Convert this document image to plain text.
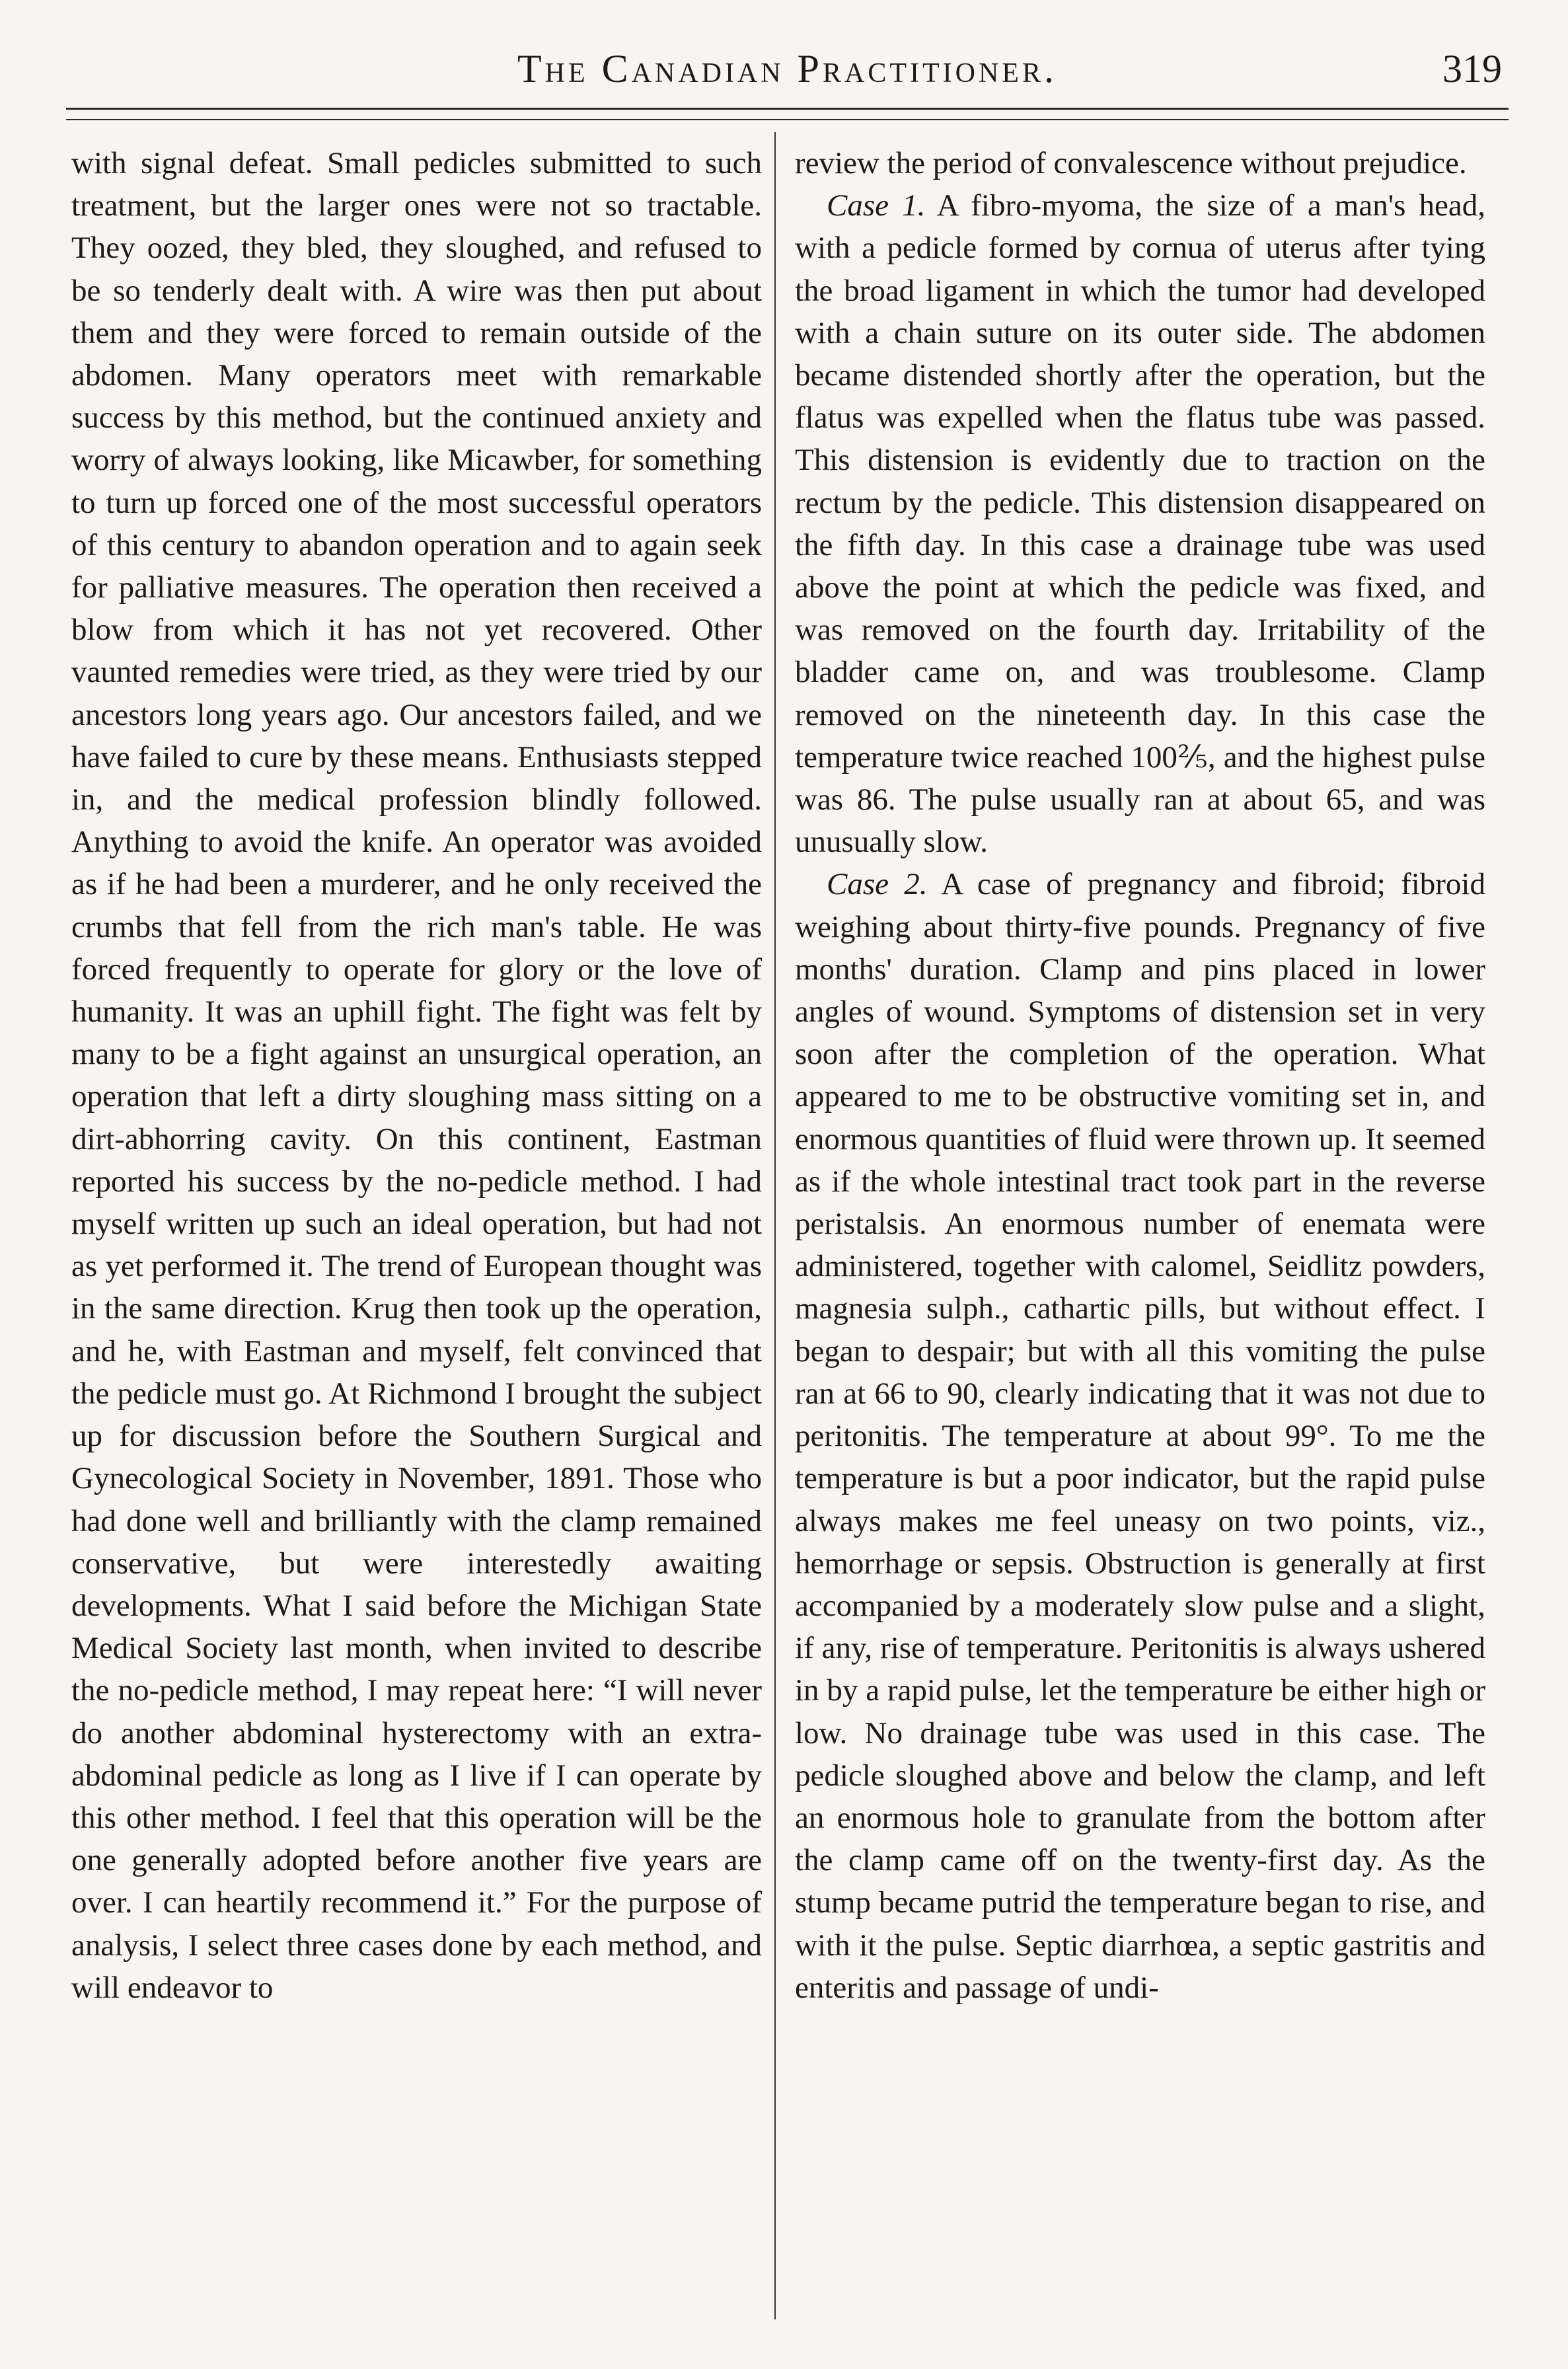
The Canadian Practitioner.	319

with signal defeat. Small pedicles submitted to such treatment, but the larger ones were not so tractable. They oozed, they bled, they sloughed, and refused to be so tenderly dealt with. A wire was then put about them and they were forced to remain outside of the abdomen. Many operators meet with remarkable success by this method, but the continued anxiety and worry of always looking, like Micawber, for something to turn up forced one of the most successful operators of this century to abandon operation and to again seek for palliative measures. The operation then received a blow from which it has not yet recovered. Other vaunted remedies were tried, as they were tried by our ancestors long years ago. Our ancestors failed, and we have failed to cure by these means. Enthusiasts stepped in, and the medical profession blindly followed. Anything to avoid the knife. An operator was avoided as if he had been a murderer, and he only received the crumbs that fell from the rich man's table. He was forced frequently to operate for glory or the love of humanity. It was an uphill fight. The fight was felt by many to be a fight against an unsurgical operation, an operation that left a dirty sloughing mass sitting on a dirt-abhorring cavity. On this continent, Eastman reported his success by the no-pedicle method. I had myself written up such an ideal operation, but had not as yet performed it. The trend of European thought was in the same direction. Krug then took up the operation, and he, with Eastman and myself, felt convinced that the pedicle must go. At Richmond I brought the subject up for discussion before the Southern Surgical and Gynecological Society in November, 1891. Those who had done well and brilliantly with the clamp remained conservative, but were interestedly awaiting developments. What I said before the Michigan State Medical Society last month, when invited to describe the no-pedicle method, I may repeat here: “I will never do another abdominal hysterectomy with an extra-abdominal pedicle as long as I live if I can operate by this other method. I feel that this operation will be the one generally adopted before another five years are over. I can heartily recommend it.” For the purpose of analysis, I select three cases done by each method, and will endeavor to

review the period of convalescence without prejudice.

Case 1. A fibro-myoma, the size of a man's head, with a pedicle formed by cornua of uterus after tying the broad ligament in which the tumor had developed with a chain suture on its outer side. The abdomen became distended shortly after the operation, but the flatus was expelled when the flatus tube was passed. This distension is evidently due to traction on the rectum by the pedicle. This distension disappeared on the fifth day. In this case a drainage tube was used above the point at which the pedicle was fixed, and was removed on the fourth day. Irritability of the bladder came on, and was troublesome. Clamp removed on the nineteenth day. In this case the temperature twice reached 100⅖, and the highest pulse was 86. The pulse usually ran at about 65, and was unusually slow.

Case 2. A case of pregnancy and fibroid; fibroid weighing about thirty-five pounds. Pregnancy of five months' duration. Clamp and pins placed in lower angles of wound. Symptoms of distension set in very soon after the completion of the operation. What appeared to me to be obstructive vomiting set in, and enormous quantities of fluid were thrown up. It seemed as if the whole intestinal tract took part in the reverse peristalsis. An enormous number of enemata were administered, together with calomel, Seidlitz powders, magnesia sulph., cathartic pills, but without effect. I began to despair; but with all this vomiting the pulse ran at 66 to 90, clearly indicating that it was not due to peritonitis. The temperature at about 99°. To me the temperature is but a poor indicator, but the rapid pulse always makes me feel uneasy on two points, viz., hemorrhage or sepsis. Obstruction is generally at first accompanied by a moderately slow pulse and a slight, if any, rise of temperature. Peritonitis is always ushered in by a rapid pulse, let the temperature be either high or low. No drainage tube was used in this case. The pedicle sloughed above and below the clamp, and left an enormous hole to granulate from the bottom after the clamp came off on the twenty-first day. As the stump became putrid the temperature began to rise, and with it the pulse. Septic diarrhœa, a septic gastritis and enteritis and passage of undi-
